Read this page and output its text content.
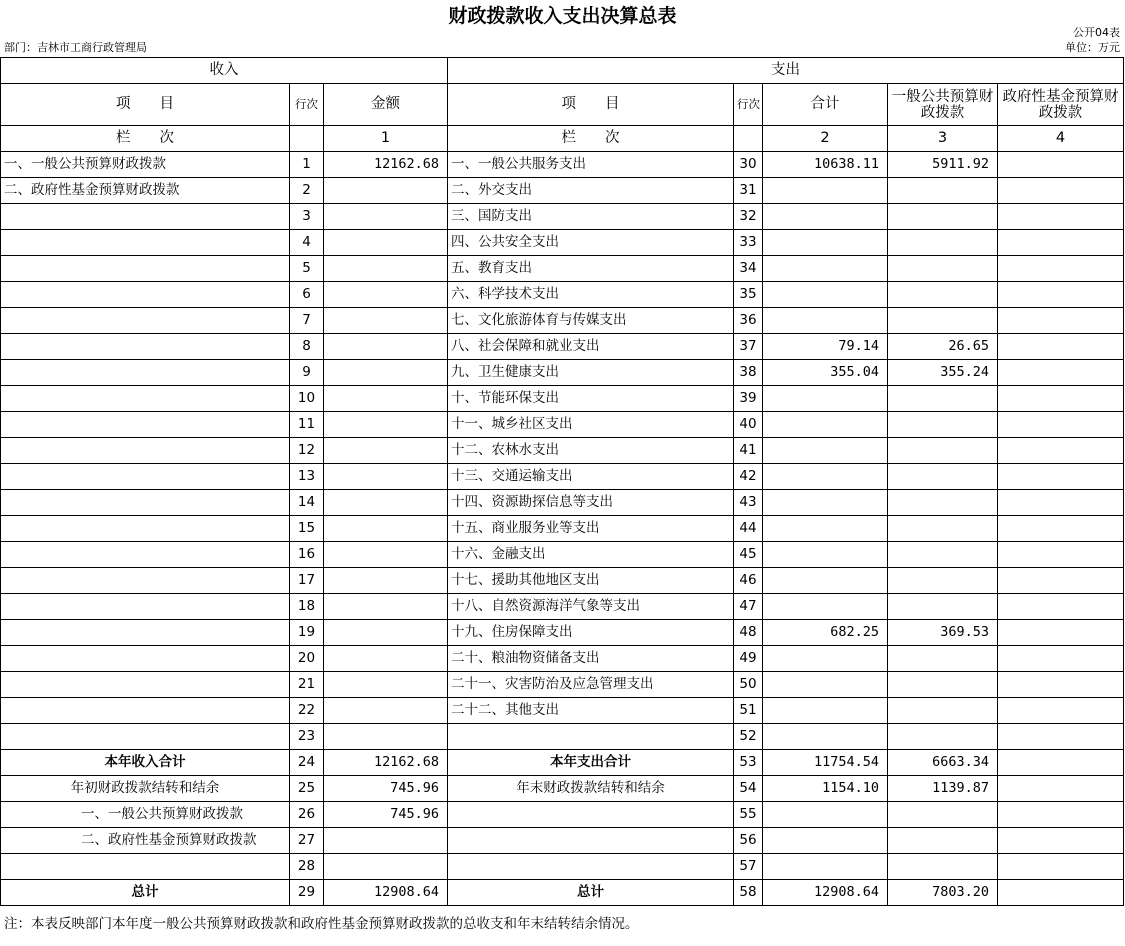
财政拨款收入支出决算总表
公开04表
部门：吉林市工商行政管理局	单位：万元
收入			支出				
项　　目	行次	金额	项　　目	行次	合计	一般公共预算财政拨款	政府性基金预算财政拨款
栏　　次		1	栏　　次		2	3	4
一、一般公共预算财政拨款	1	12162.68	一、一般公共服务支出	30	10638.11	5911.92	
二、政府性基金预算财政拨款	2		二、外交支出	31			
	3		三、国防支出	32			
	4		四、公共安全支出	33			
	5		五、教育支出	34			
	6		六、科学技术支出	35			
	7		七、文化旅游体育与传媒支出	36			
	8		八、社会保障和就业支出	37	79.14	26.65	
	9		九、卫生健康支出	38	355.04	355.24	
	10		十、节能环保支出	39			
	11		十一、城乡社区支出	40			
	12		十二、农林水支出	41			
	13		十三、交通运输支出	42			
	14		十四、资源勘探信息等支出	43			
	15		十五、商业服务业等支出	44			
	16		十六、金融支出	45			
	17		十七、援助其他地区支出	46			
	18		十八、自然资源海洋气象等支出	47			
	19		十九、住房保障支出	48	682.25	369.53	
	20		二十、粮油物资储备支出	49			
	21		二十一、灾害防治及应急管理支出	50			
	22		二十二、其他支出	51			
	23			52			
本年收入合计	24	12162.68	本年支出合计	53	11754.54	6663.34	
年初财政拨款结转和结余	25	745.96	年末财政拨款结转和结余	54	1154.10	1139.87	
一、一般公共预算财政拨款	26	745.96		55			
二、政府性基金预算财政拨款	27			56			
	28			57			
总计	29	12908.64	总计	58	12908.64	7803.20	
注：本表反映部门本年度一般公共预算财政拨款和政府性基金预算财政拨款的总收支和年末结转结余情况。
